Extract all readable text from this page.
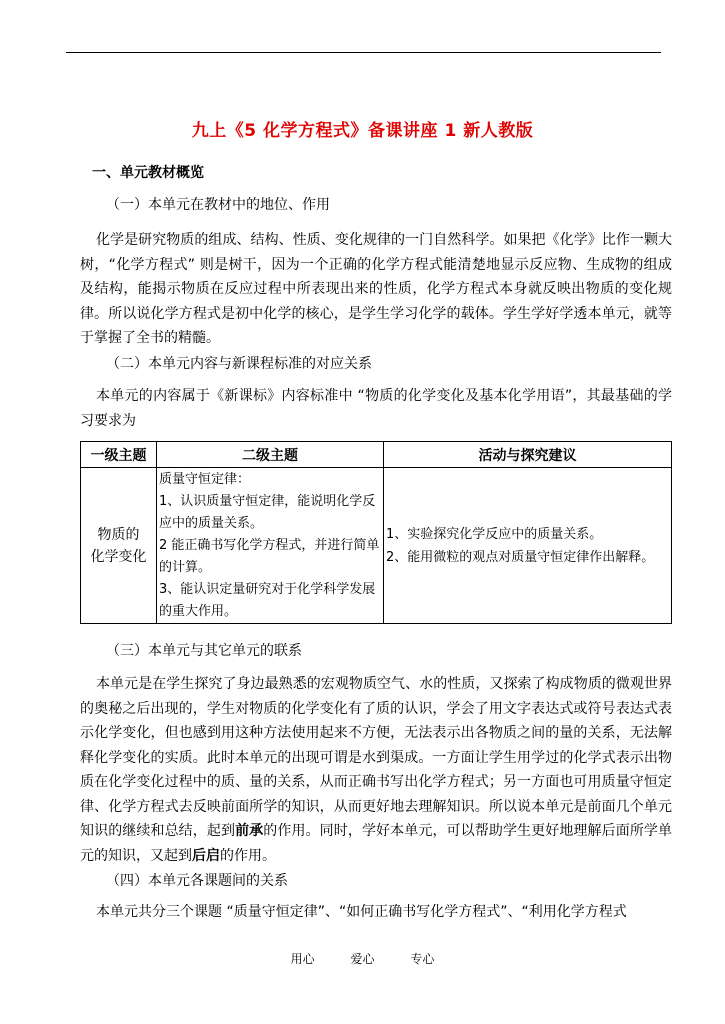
九上《5 化学方程式》备课讲座 1 新人教版
一、单元教材概览
（一）本单元在教材中的地位、作用
化学是研究物质的组成、结构、性质、变化规律的一门自然科学。如果把《化学》比作一颗大树，“化学方程式” 则是树干，因为一个正确的化学方程式能清楚地显示反应物、生成物的组成及结构，能揭示物质在反应过程中所表现出来的性质，化学方程式本身就反映出物质的变化规律。所以说化学方程式是初中化学的核心，是学生学习化学的载体。学生学好学透本单元，就等于掌握了全书的精髓。
（二）本单元内容与新课程标准的对应关系
本单元的内容属于《新课标》内容标准中 “物质的化学变化及基本化学用语”，其最基础的学习要求为
一级主题	二级主题	活动与探究建议

物质的
化学变化	质量守恒定律：
1、认识质量守恒定律，能说明化学反应中的质量关系。
2 能正确书写化学方程式，并进行简单的计算。
3、能认识定量研究对于化学科学发展的重大作用。	1、实验探究化学反应中的质量关系。
2、能用微粒的观点对质量守恒定律作出解释。
（三）本单元与其它单元的联系
本单元是在学生探究了身边最熟悉的宏观物质空气、水的性质，又探索了构成物质的微观世界的奥秘之后出现的，学生对物质的化学变化有了质的认识，学会了用文字表达式或符号表达式表示化学变化，但也感到用这种方法使用起来不方便，无法表示出各物质之间的量的关系，无法解释化学变化的实质。此时本单元的出现可谓是水到渠成。一方面让学生用学过的化学式表示出物质在化学变化过程中的质、量的关系，从而正确书写出化学方程式；另一方面也可用质量守恒定律、化学方程式去反映前面所学的知识，从而更好地去理解知识。所以说本单元是前面几个单元知识的继续和总结，起到前承的作用。同时，学好本单元，可以帮助学生更好地理解后面所学单元的知识，又起到后启的作用。
（四）本单元各课题间的关系
本单元共分三个课题 “质量守恒定律”、“如何正确书写化学方程式”、“利用化学方程式
用心	爱心	专心
